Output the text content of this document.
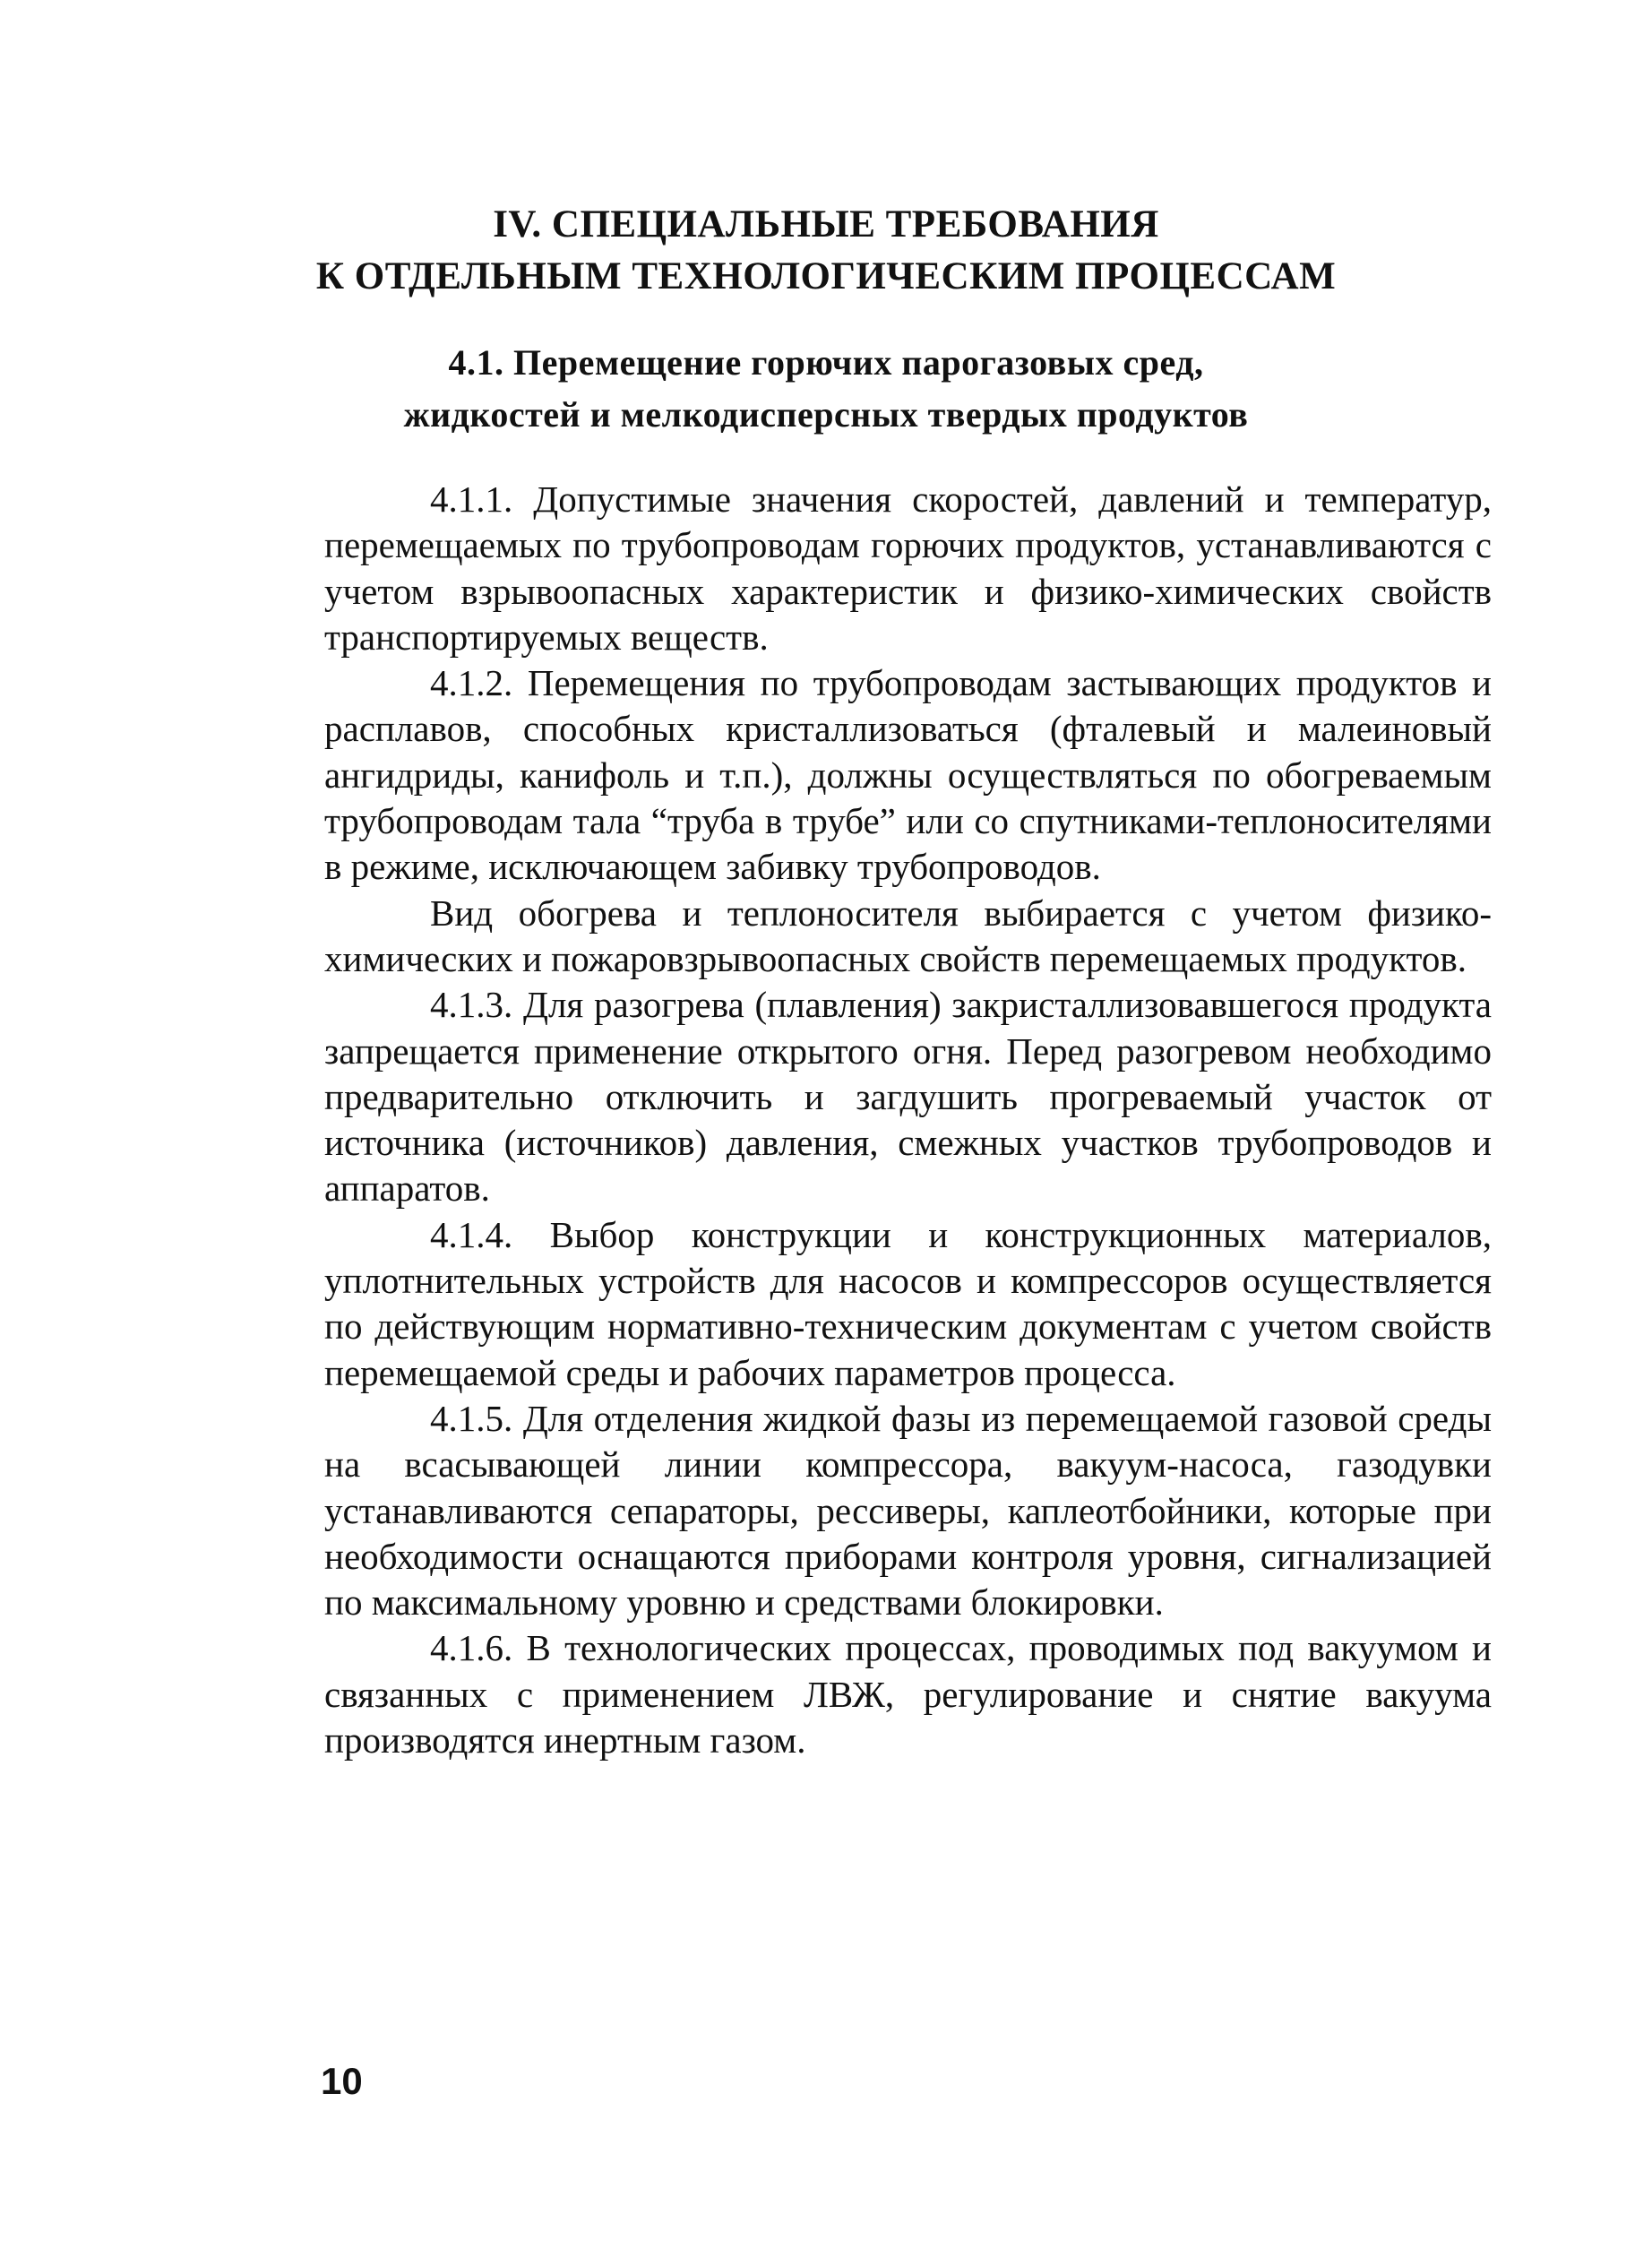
IV. СПЕЦИАЛЬНЫЕ ТРЕБОВАНИЯ
К ОТДЕЛЬНЫМ ТЕХНОЛОГИЧЕСКИМ ПРОЦЕССАМ
4.1. Перемещение горючих парогазовых сред,
жидкостей и мелкодисперсных твердых продуктов

4.1.1. Допустимые значения скоростей, давлений и температур, перемещаемых по трубопроводам горючих продуктов, устанавливаются с учетом взрывоопасных характеристик и физико-химических свойств транспортируемых веществ.

4.1.2. Перемещения по трубопроводам застывающих продуктов и расплавов, способных кристаллизоваться (фталевый и малеиновый ангидриды, канифоль и т.п.), должны осуществляться по обогреваемым трубопроводам тала “труба в трубе” или со спутниками-теплоносителями в режиме, исключающем забивку трубопроводов.

Вид обогрева и теплоносителя выбирается с учетом физико-химических и пожаровзрывоопасных свойств перемещаемых продуктов.

4.1.3. Для разогрева (плавления) закристаллизовавшегося продукта запрещается применение открытого огня. Перед разогревом необходимо предварительно отключить и загдушить прогреваемый участок от источника (источников) давления, смежных участков трубопроводов и аппаратов.

4.1.4. Выбор конструкции и конструкционных материалов, уплотнительных устройств для насосов и компрессоров осуществляется по действующим нормативно-техническим документам с учетом свойств перемещаемой среды и рабочих параметров процесса.

4.1.5. Для отделения жидкой фазы из перемещаемой газовой среды на всасывающей линии компрессора, вакуум-насоса, газодувки устанавливаются сепараторы, рессиверы, каплеотбойники, которые при необходимости оснащаются приборами контроля уровня, сигнализацией по максимальному уровню и средствами блокировки.

4.1.6. В технологических процессах, проводимых под вакуумом и связанных с применением ЛВЖ, регулирование и снятие вакуума производятся инертным газом.

10
